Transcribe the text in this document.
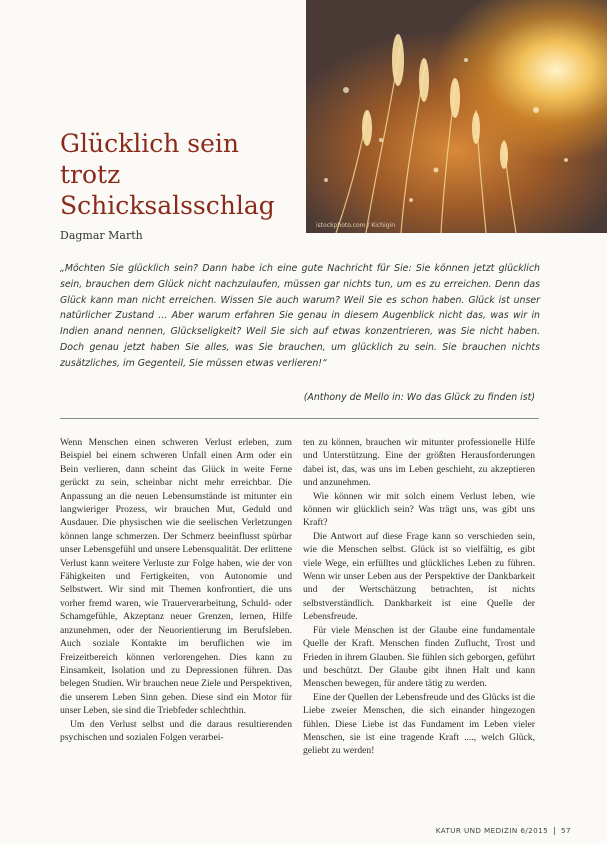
istockphoto.com / Kichigin
Glücklich sein
trotz
Schicksalsschlag
Dagmar Marth
„Möchten Sie glücklich sein? Dann habe ich eine gute Nachricht für Sie: Sie können jetzt glücklich sein, brauchen dem Glück nicht nachzulaufen, müssen gar nichts tun, um es zu erreichen. Denn das Glück kann man nicht erreichen. Wissen Sie auch warum? Weil Sie es schon haben. Glück ist unser natürlicher Zustand ... Aber warum erfahren Sie genau in diesem Augenblick nicht das, was wir in Indien anand nennen, Glückseligkeit? Weil Sie sich auf etwas konzentrieren, was Sie nicht haben. Doch genau jetzt haben Sie alles, was Sie brauchen, um glücklich zu sein. Sie brauchen nichts zusätzliches, im Gegenteil, Sie müssen etwas verlieren!“
(Anthony de Mello in: Wo das Glück zu finden ist)

Wenn Menschen einen schweren Verlust erleben, zum Beispiel bei einem schweren Unfall einen Arm oder ein Bein verlieren, dann scheint das Glück in weite Ferne gerückt zu sein, scheinbar nicht mehr erreichbar. Die Anpassung an die neuen Lebensumstände ist mitunter ein langwieriger Prozess, wir brauchen Mut, Geduld und Ausdauer. Die physischen wie die seelischen Verletzungen können lange schmerzen. Der Schmerz beeinflusst spürbar unser Lebensgefühl und unsere Lebensqualität. Der erlittene Verlust kann weitere Verluste zur Folge haben, wie der von Fähigkeiten und Fertigkeiten, von Autonomie und Selbstwert. Wir sind mit Themen konfrontiert, die uns vorher fremd waren, wie Trauerverarbeitung, Schuld- oder Schamgefühle, Akzeptanz neuer Grenzen, lernen, Hilfe anzunehmen, oder der Neuorientierung im Berufsleben. Auch soziale Kontakte im beruflichen wie im Freizeitbereich können verlorengehen. Dies kann zu Einsamkeit, Isolation und zu Depressionen führen. Das belegen Studien. Wir brauchen neue Ziele und Perspektiven, die unserem Leben Sinn geben. Diese sind ein Motor für unser Leben, sie sind die Triebfeder schlechthin.

Um den Verlust selbst und die daraus resultierenden psychischen und sozialen Folgen verarbei-

ten zu können, brauchen wir mitunter professionelle Hilfe und Unterstützung. Eine der größten Herausforderungen dabei ist, das, was uns im Leben geschieht, zu akzeptieren und anzunehmen.

Wie können wir mit solch einem Verlust leben, wie können wir glücklich sein? Was trägt uns, was gibt uns Kraft?

Die Antwort auf diese Frage kann so verschieden sein, wie die Menschen selbst. Glück ist so vielfältig, es gibt viele Wege, ein erfülltes und glückliches Leben zu führen. Wenn wir unser Leben aus der Perspektive der Dankbarkeit und der Wertschätzung betrachten, ist nichts selbstverständlich. Dankbarkeit ist eine Quelle der Lebensfreude.

Für viele Menschen ist der Glaube eine fundamentale Quelle der Kraft. Menschen finden Zuflucht, Trost und Frieden in ihrem Glauben. Sie fühlen sich geborgen, geführt und beschützt. Der Glaube gibt ihnen Halt und kann Menschen bewegen, für andere tätig zu werden.

Eine der Quellen der Lebensfreude und des Glücks ist die Liebe zweier Menschen, die sich einander hingezogen fühlen. Diese Liebe ist das Fundament im Leben vieler Menschen, sie ist eine tragende Kraft ...., welch Glück, geliebt zu werden!

KATUR UND MEDIZIN 6/2015 57
